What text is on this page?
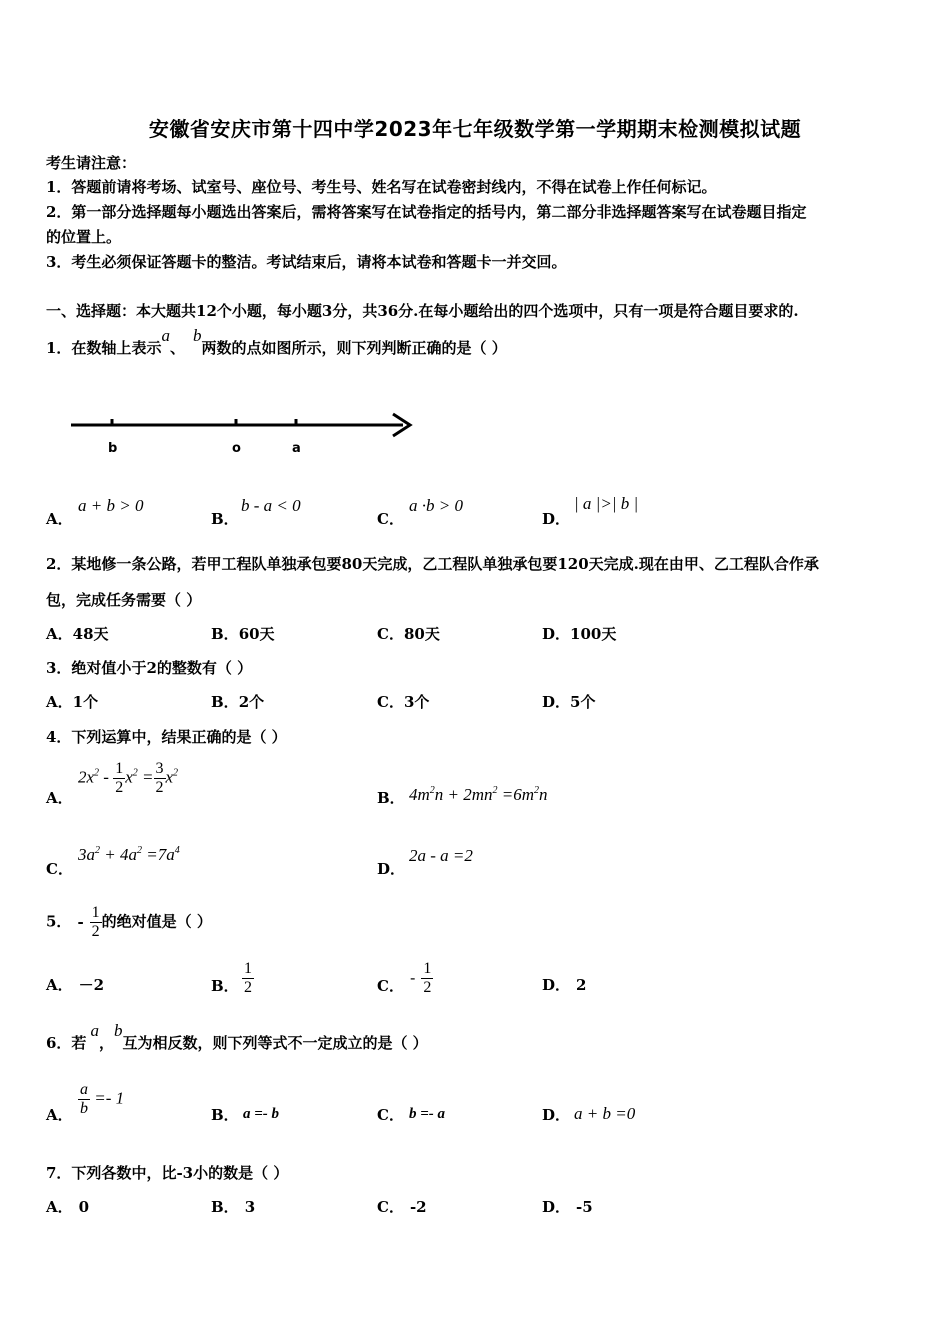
安徽省安庆市第十四中学2023年七年级数学第一学期期末检测模拟试题
考生请注意：
1．答题前请将考场、试室号、座位号、考生号、姓名写在试卷密封线内，不得在试卷上作任何标记。
2．第一部分选择题每小题选出答案后，需将答案写在试卷指定的括号内，第二部分非选择题答案写在试卷题目指定
的位置上。
3．考生必须保证答题卡的整洁。考试结束后，请将本试卷和答题卡一并交回。
一、选择题：本大题共12个小题，每小题3分，共36分.在每小题给出的四个选项中，只有一项是符合题目要求的.
1．在数轴上表示a、b两数的点如图所示，则下列判断正确的是（ ）
b	o	a
A．
a + b > 0
B．
b - a < 0
C．
a ·b > 0
D．
| a |>| b |
2．某地修一条公路，若甲工程队单独承包要80天完成，乙工程队单独承包要120天完成.现在由甲、乙工程队合作承
包，完成任务需要（ ）
A．48天	B．60天	C．80天	D．100天
3．绝对值小于2的整数有（ ）
A．1个	B．2个	C．3个	D．5个
4．下列运算中，结果正确的是（ ）
A．
$2x^2 - \frac{1}{2} x^2 = \frac{3}{2} x^2$
B． $4m^2n + 2mn^2 =6m^2n$
C．
$3a^2 + 4a^2 =7a^4$
D．
2a - a =2
5． - $\frac{1}{2}$ 的绝对值是（ ）
A． －2	B． $\frac{1}{2}$	C． - $\frac{1}{2}$	D． 2
6．若a，b互为相反数，则下列等式不一定成立的是（ ）
A． $\frac{a}{b} =- 1$
B． a =- b	C． b =- a	D． a + b =0
7．下列各数中，比-3小的数是（ ）
A． 0	B． 3	C． -2	D． -5
